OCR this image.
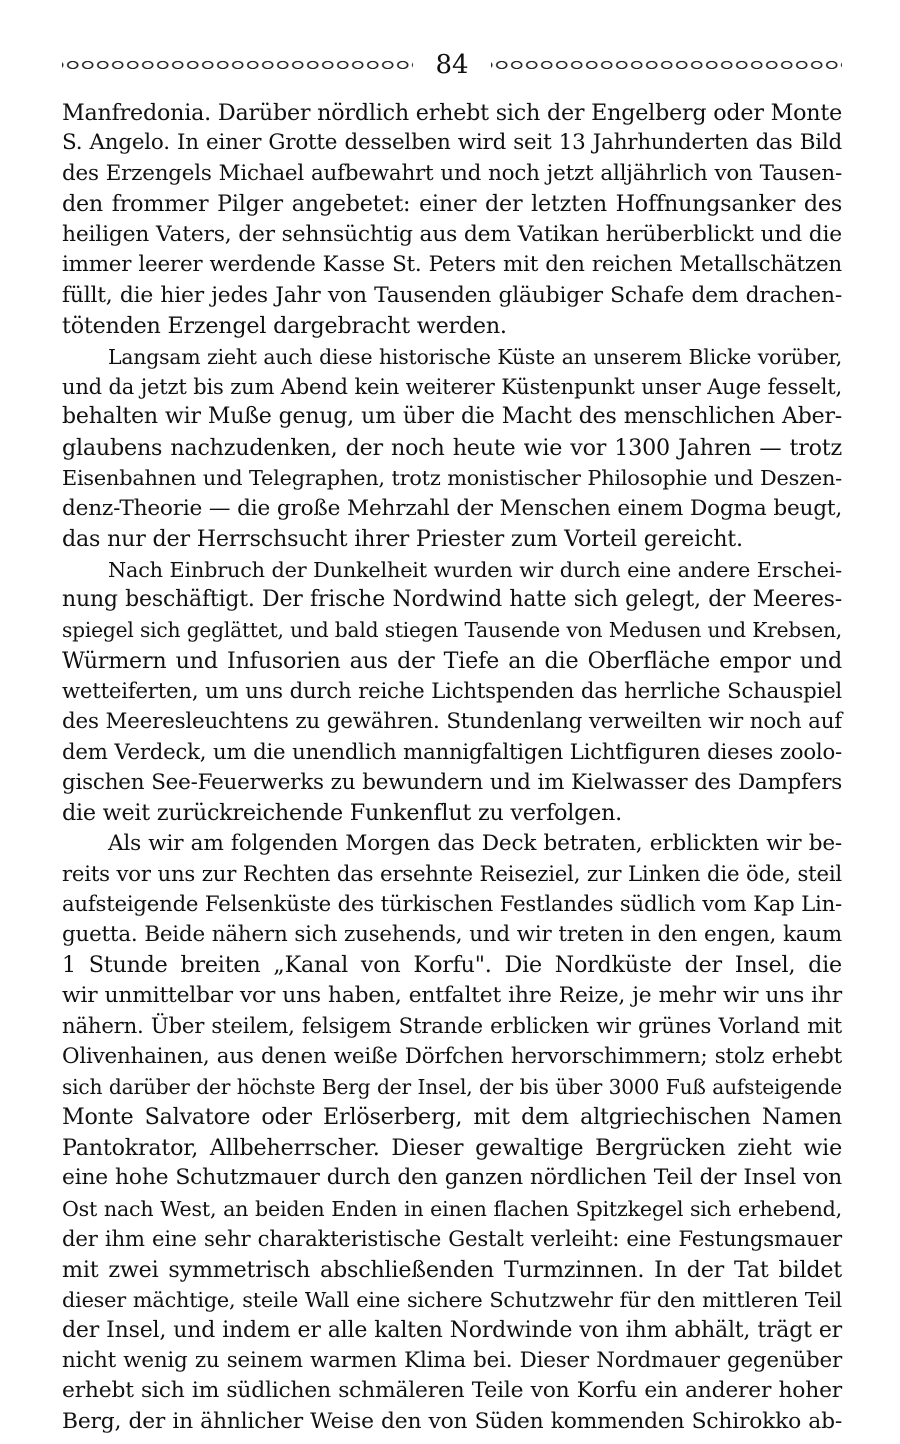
84
Manfredonia. Darüber nördlich erhebt sich der Engelberg oder Monte
S. Angelo. In einer Grotte desselben wird seit 13 Jahrhunderten das Bild
des Erzengels Michael aufbewahrt und noch jetzt alljährlich von Tausen-
den frommer Pilger angebetet: einer der letzten Hoffnungsanker des
heiligen Vaters, der sehnsüchtig aus dem Vatikan herüberblickt und die
immer leerer werdende Kasse St. Peters mit den reichen Metallschätzen
füllt, die hier jedes Jahr von Tausenden gläubiger Schafe dem drachen-
tötenden Erzengel dargebracht werden.
Langsam zieht auch diese historische Küste an unserem Blicke vorüber,
und da jetzt bis zum Abend kein weiterer Küstenpunkt unser Auge fesselt,
behalten wir Muße genug, um über die Macht des menschlichen Aber-
glaubens nachzudenken, der noch heute wie vor 1300 Jahren — trotz
Eisenbahnen und Telegraphen, trotz monistischer Philosophie und Deszen-
denz-Theorie — die große Mehrzahl der Menschen einem Dogma beugt,
das nur der Herrschsucht ihrer Priester zum Vorteil gereicht.
Nach Einbruch der Dunkelheit wurden wir durch eine andere Erschei-
nung beschäftigt. Der frische Nordwind hatte sich gelegt, der Meeres-
spiegel sich geglättet, und bald stiegen Tausende von Medusen und Krebsen,
Würmern und Infusorien aus der Tiefe an die Oberfläche empor und
wetteiferten, um uns durch reiche Lichtspenden das herrliche Schauspiel
des Meeresleuchtens zu gewähren. Stundenlang verweilten wir noch auf
dem Verdeck, um die unendlich mannigfaltigen Lichtfiguren dieses zoolo-
gischen See-Feuerwerks zu bewundern und im Kielwasser des Dampfers
die weit zurückreichende Funkenflut zu verfolgen.
Als wir am folgenden Morgen das Deck betraten, erblickten wir be-
reits vor uns zur Rechten das ersehnte Reiseziel, zur Linken die öde, steil
aufsteigende Felsenküste des türkischen Festlandes südlich vom Kap Lin-
guetta. Beide nähern sich zusehends, und wir treten in den engen, kaum
1 Stunde breiten „Kanal von Korfu". Die Nordküste der Insel, die
wir unmittelbar vor uns haben, entfaltet ihre Reize, je mehr wir uns ihr
nähern. Über steilem, felsigem Strande erblicken wir grünes Vorland mit
Olivenhainen, aus denen weiße Dörfchen hervorschimmern; stolz erhebt
sich darüber der höchste Berg der Insel, der bis über 3000 Fuß aufsteigende
Monte Salvatore oder Erlöserberg, mit dem altgriechischen Namen
Pantokrator, Allbeherrscher. Dieser gewaltige Bergrücken zieht wie
eine hohe Schutzmauer durch den ganzen nördlichen Teil der Insel von
Ost nach West, an beiden Enden in einen flachen Spitzkegel sich erhebend,
der ihm eine sehr charakteristische Gestalt verleiht: eine Festungsmauer
mit zwei symmetrisch abschließenden Turmzinnen. In der Tat bildet
dieser mächtige, steile Wall eine sichere Schutzwehr für den mittleren Teil
der Insel, und indem er alle kalten Nordwinde von ihm abhält, trägt er
nicht wenig zu seinem warmen Klima bei. Dieser Nordmauer gegenüber
erhebt sich im südlichen schmäleren Teile von Korfu ein anderer hoher
Berg, der in ähnlicher Weise den von Süden kommenden Schirokko ab-
